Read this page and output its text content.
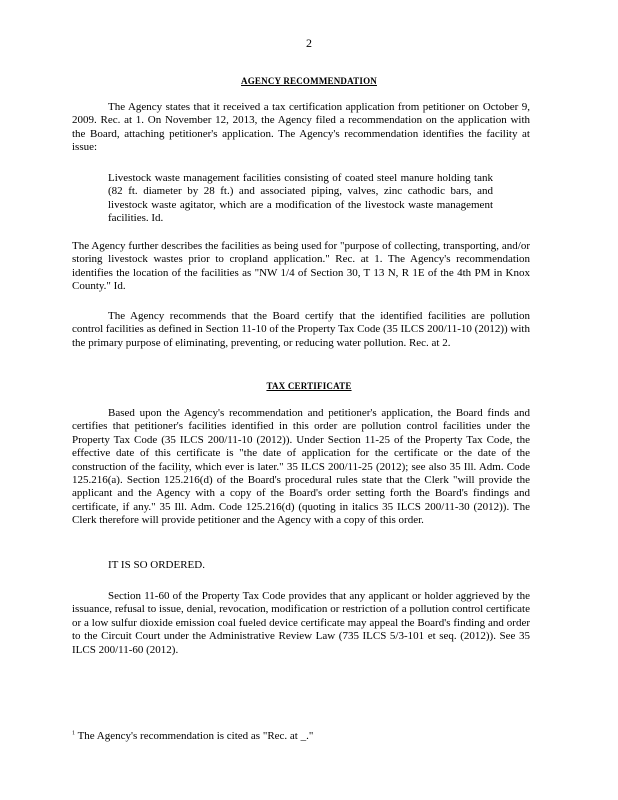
2
AGENCY RECOMMENDATION

The Agency states that it received a tax certification application from petitioner on October 9, 2009. Rec. at 1. On November 12, 2013, the Agency filed a recommendation on the application with the Board, attaching petitioner's application. The Agency's recommendation identifies the facility at issue:

Livestock waste management facilities consisting of coated steel manure holding tank (82 ft. diameter by 28 ft.) and associated piping, valves, zinc cathodic bars, and livestock waste agitator, which are a modification of the livestock waste management facilities. Id.

The Agency further describes the facilities as being used for "purpose of collecting, transporting, and/or storing livestock wastes prior to cropland application." Rec. at 1. The Agency's recommendation identifies the location of the facilities as "NW 1/4 of Section 30, T 13 N, R 1E of the 4th PM in Knox County." Id.

The Agency recommends that the Board certify that the identified facilities are pollution control facilities as defined in Section 11-10 of the Property Tax Code (35 ILCS 200/11-10 (2012)) with the primary purpose of eliminating, preventing, or reducing water pollution. Rec. at 2.

TAX CERTIFICATE

Based upon the Agency's recommendation and petitioner's application, the Board finds and certifies that petitioner's facilities identified in this order are pollution control facilities under the Property Tax Code (35 ILCS 200/11-10 (2012)). Under Section 11-25 of the Property Tax Code, the effective date of this certificate is "the date of application for the certificate or the date of the construction of the facility, which ever is later." 35 ILCS 200/11-25 (2012); see also 35 Ill. Adm. Code 125.216(a). Section 125.216(d) of the Board's procedural rules state that the Clerk "will provide the applicant and the Agency with a copy of the Board's order setting forth the Board's findings and certificate, if any." 35 Ill. Adm. Code 125.216(d) (quoting in italics 35 ILCS 200/11-30 (2012)). The Clerk therefore will provide petitioner and the Agency with a copy of this order.

IT IS SO ORDERED.

Section 11-60 of the Property Tax Code provides that any applicant or holder aggrieved by the issuance, refusal to issue, denial, revocation, modification or restriction of a pollution control certificate or a low sulfur dioxide emission coal fueled device certificate may appeal the Board's finding and order to the Circuit Court under the Administrative Review Law (735 ILCS 5/3-101 et seq. (2012)). See 35 ILCS 200/11-60 (2012).

$^1$ The Agency's recommendation is cited as "Rec. at _."
